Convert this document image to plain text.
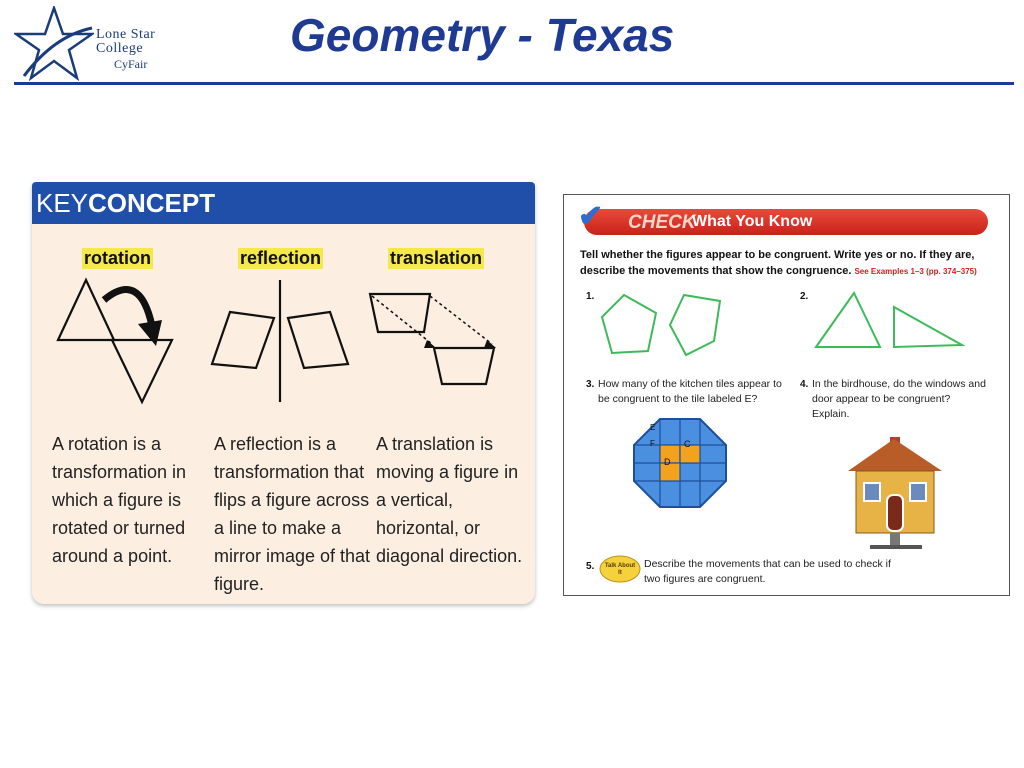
Lone Star
College
CyFair
Geometry - Texas
KEY CONCEPT
rotation	reflection	translation
A rotation is a transformation in which a figure is rotated or turned around a point.
A reflection is a transformation that flips a figure across a line to make a mirror image of that figure.
A translation is moving a figure in a vertical, horizontal, or diagonal direction.
CHECK
What You Know
✔
Tell whether the figures appear to be congruent. Write yes or no. If they are, describe the movements that show the congruence. See Examples 1–3 (pp. 374–375)
1.	2.
3. How many of the kitchen tiles appear to be congruent to the tile labeled E?
4. In the birdhouse, do the windows and door appear to be congruent? Explain.
E
F	C
D
5. Talk About It
Describe the movements that can be used to check if two figures are congruent.
